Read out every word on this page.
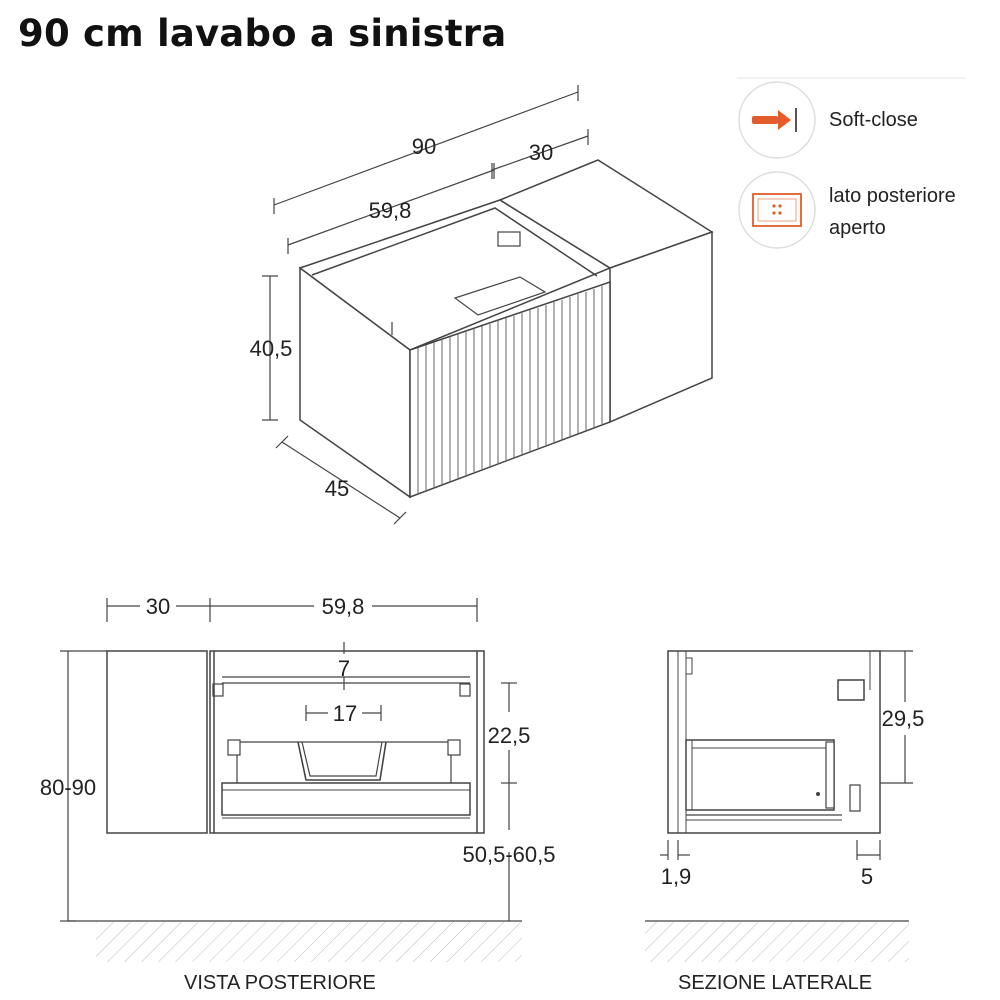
90 cm lavabo a sinistra
90	30
59,8
40,5
45
30	59,8
7
17
22,5
80-90
50,5-60,5
29,5
1,9	5
Soft-close
lato posteriore
aperto
VISTA POSTERIORE	SEZIONE LATERALE
